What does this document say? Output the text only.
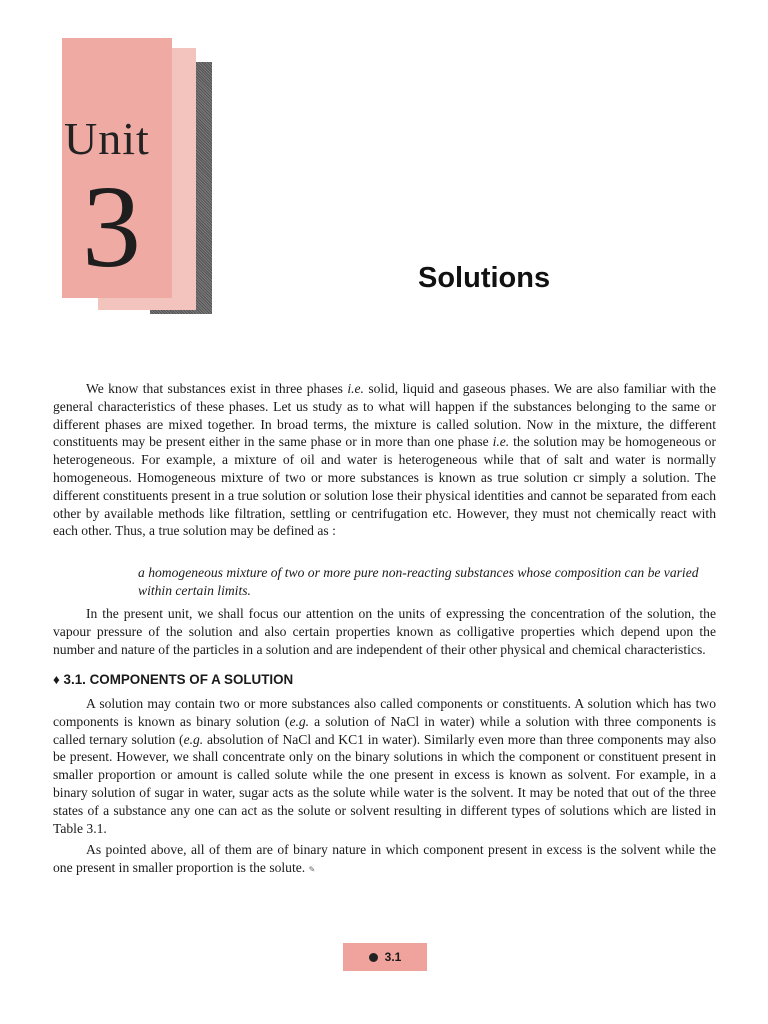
Unit
3	Solutions

We know that substances exist in three phases i.e. solid, liquid and gaseous phases. We are also familiar with the general characteristics of these phases. Let us study as to what will happen if the substances belonging to the same or different phases are mixed together. In broad terms, the mixture is called solution. Now in the mixture, the different constituents may be present either in the same phase or in more than one phase i.e. the solution may be homogeneous or heterogeneous. For example, a mixture of oil and water is heterogeneous while that of salt and water is normally homogeneous. Homogeneous mixture of two or more substances is known as true solution cr simply a solution. The different constituents present in a true solution or solution lose their physical identities and cannot be separated from each other by available methods like filtration, settling or centrifugation etc. However, they must not chemically react with each other. Thus, a true solution may be defined as :

a homogeneous mixture of two or more pure non-reacting substances whose composition can be varied within certain limits.

In the present unit, we shall focus our attention on the units of expressing the concentration of the solution, the vapour pressure of the solution and also certain properties known as colligative properties which depend upon the number and nature of the particles in a solution and are independent of their other physical and chemical characteristics.

♦ 3.1. COMPONENTS OF A SOLUTION

A solution may contain two or more substances also called components or constituents. A solution which has two components is known as binary solution (e.g. a solution of NaCl in water) while a solution with three components is called ternary solution (e.g. absolution of NaCl and KC1 in water). Similarly even more than three components may also be present. However, we shall concentrate only on the binary solutions in which the component or constituent present in smaller proportion or amount is called solute while the one present in excess is known as solvent. For example, in a binary solution of sugar in water, sugar acts as the solute while water is the solvent. It may be noted that out of the three states of a substance any one can act as the solute or solvent resulting in different types of solutions which are listed in Table 3.1.

As pointed above, all of them are of binary nature in which component present in excess is the solvent while the one present in smaller proportion is the solute. ✎

3.1
